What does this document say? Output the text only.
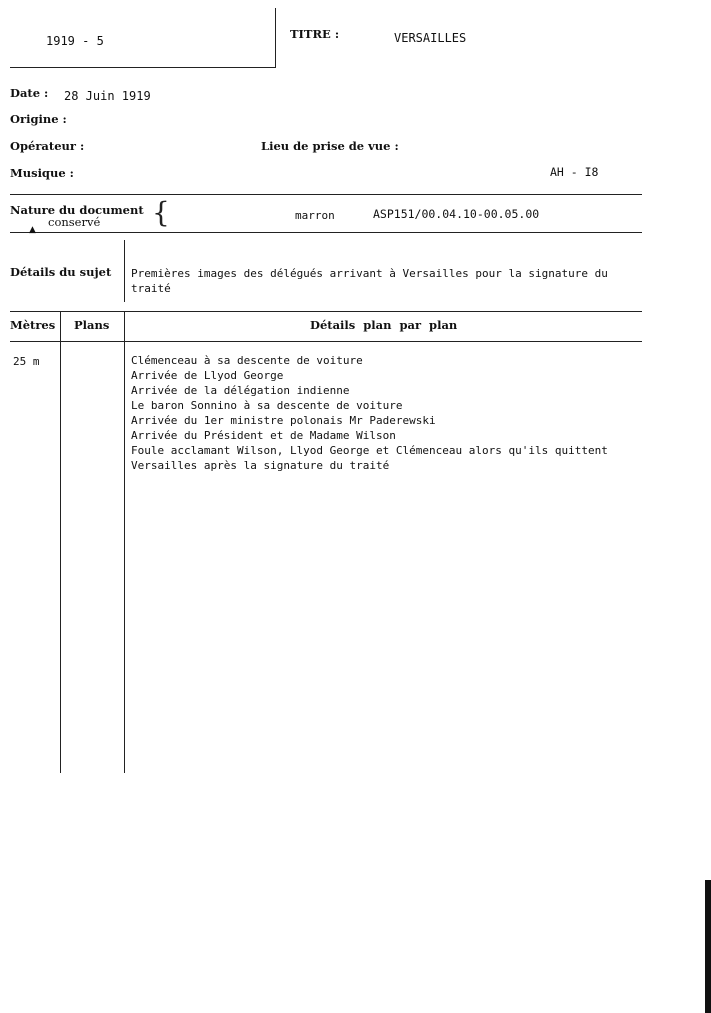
1919 - 5	TITRE :	VERSAILLES
Date : 28 Juin 1919
Origine :
Opérateur :	Lieu de prise de vue :
Musique :	AH - I8
Nature du document
conservé {	marron	ASP151/00.04.10-00.05.00
▲
Détails du sujet Premières images des délégués arrivant à Versailles pour la signature du
traité
Mètres Plans	Détails plan par plan
25 m	Clémenceau à sa descente de voiture
Arrivée de Llyod George
Arrivée de la délégation indienne
Le baron Sonnino à sa descente de voiture
Arrivée du 1er ministre polonais Mr Paderewski
Arrivée du Président et de Madame Wilson
Foule acclamant Wilson, Llyod George et Clémenceau alors qu'ils quittent
Versailles après la signature du traité
